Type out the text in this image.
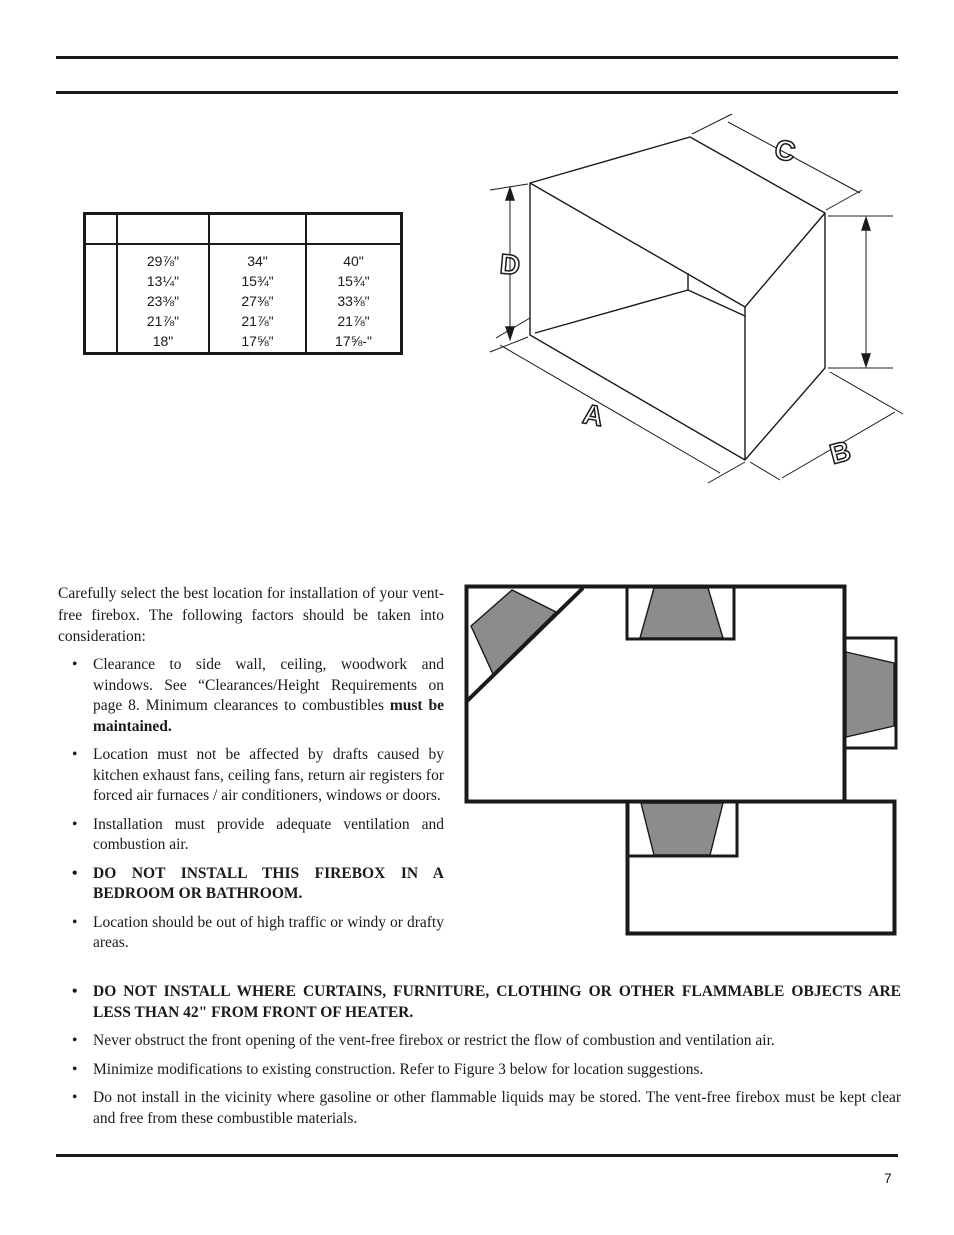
29⅞"
13¼"
23⅜"
21⅞"
18"
34"
15¾"
27⅜"
21⅞"
17⅝"
40"
15¾"
33⅜"
21⅞"
17⅝-"
A
B
C
D
Carefully select the best location for installation of your vent-free firebox. The following factors should be taken into consideration:
• Clearance to side wall, ceiling, woodwork and windows. See “Clearances/Height Requirements on page 8. Minimum clearances to combustibles must be maintained.
• Location must not be affected by drafts caused by kitchen exhaust fans, ceiling fans, return air registers for forced air furnaces / air conditioners, windows or doors.
• Installation must provide adequate ventilation and combustion air.
• DO NOT INSTALL THIS FIREBOX IN A BEDROOM OR BATHROOM.
• Location should be out of high traffic or windy or drafty areas.
• DO NOT INSTALL WHERE CURTAINS, FURNITURE, CLOTHING OR OTHER FLAMMABLE OBJECTS ARE LESS THAN 42" FROM FRONT OF HEATER.
• Never obstruct the front opening of the vent-free firebox or restrict the flow of combustion and ventilation air.
• Minimize modifications to existing construction. Refer to Figure 3 below for location suggestions.
• Do not install in the vicinity where gasoline or other flammable liquids may be stored. The vent-free firebox must be kept clear and free from these combustible materials.
7
